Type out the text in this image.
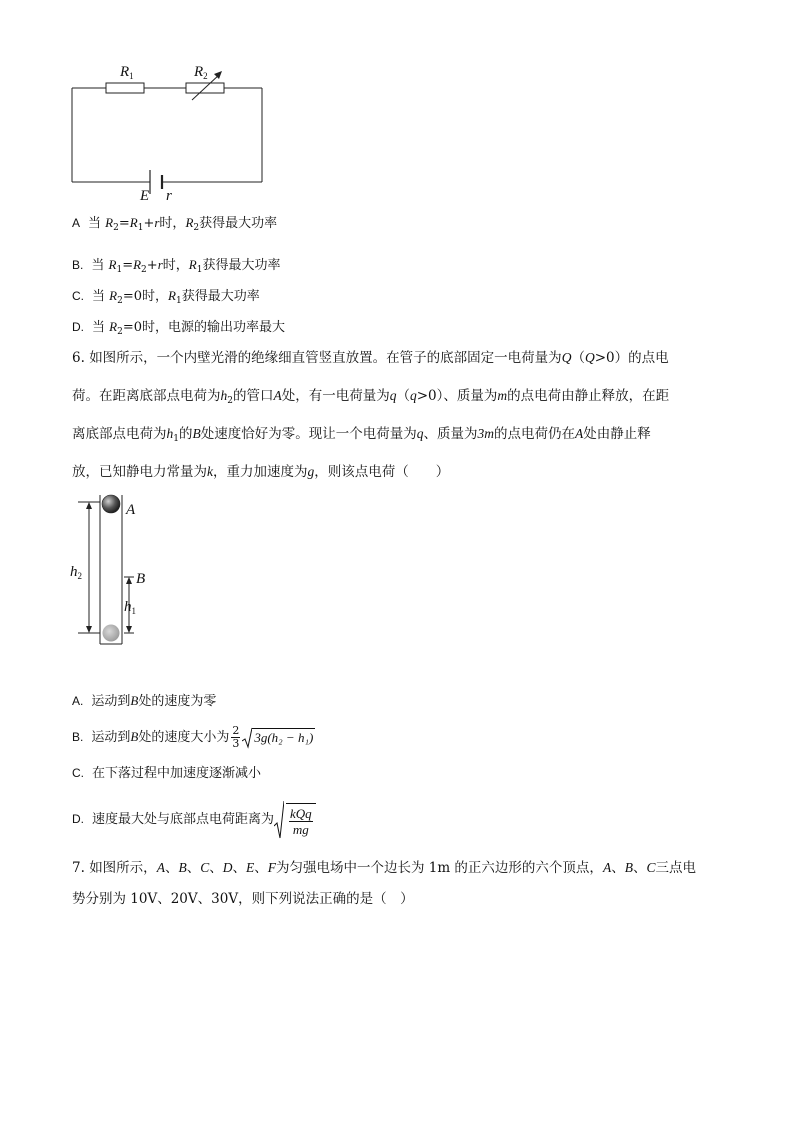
$R_1$	$R_2$
E r
A 当 $R_2=R_1+r$时，$R_2$获得最大功率
B. 当 $R_1=R_2+r$时，$R_1$获得最大功率
C. 当 $R_2=0$时，$R_1$获得最大功率
D. 当 $R_2=0$时，电源的输出功率最大
6. 如图所示，一个内壁光滑的绝缘细直管竖直放置。在管子的底部固定一电荷量为Q（Q>0）的点电
荷。在距离底部点电荷为$h_2$的管口A处，有一电荷量为q（q>0）、质量为m的点电荷由静止释放，在距
离底部点电荷为$h_1$的B处速度恰好为零。现让一个电荷量为q、质量为3m的点电荷仍在A处由静止释
放，已知静电力常量为k，重力加速度为g，则该点电荷（　　）
A
B
$h_2$
$h_1$
A. 运动到B处的速度为零
B. 运动到B处的速度大小为 $\frac{2}{3} 3g(h_2 - h_1)$
C. 在下落过程中加速度逐渐减小
D. 速度最大处与底部点电荷距离为 $\frac{\text{kQq}}{mg}$
7. 如图所示，A、B、C、D、E、F为匀强电场中一个边长为 1m 的正六边形的六个顶点，A、B、C三点电
势分别为 10V、20V、30V，则下列说法正确的是（　）
